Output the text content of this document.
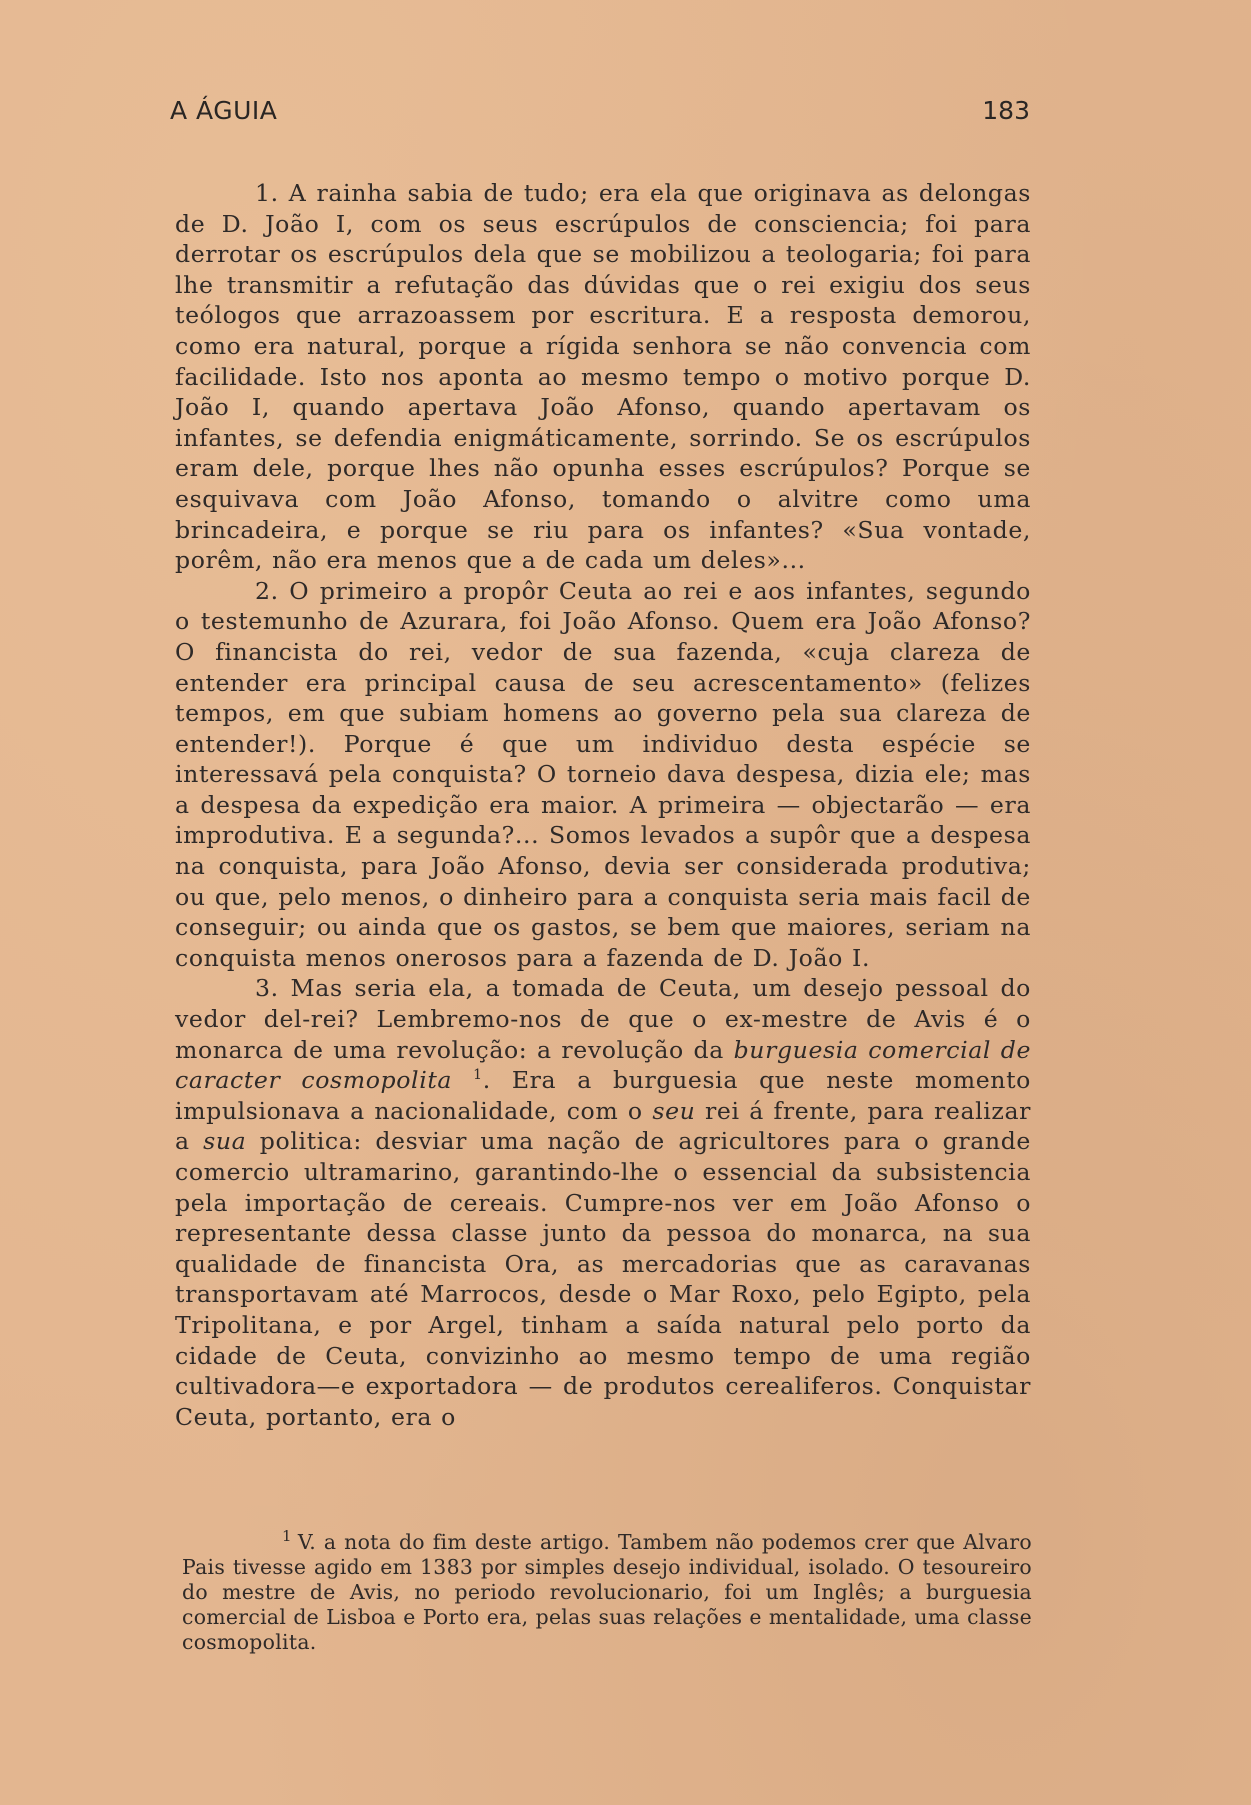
A ÁGUIA	183

1. A rainha sabia de tudo; era ela que originava as delongas de D. João I, com os seus escrúpulos de consciencia; foi para derrotar os escrúpulos dela que se mobilizou a teologaria; foi para lhe transmitir a refutação das dúvidas que o rei exigiu dos seus teólogos que arrazoassem por escritura. E a resposta demorou, como era natural, porque a rígida senhora se não convencia com facilidade. Isto nos aponta ao mesmo tempo o motivo porque D. João I, quando apertava João Afonso, quando apertavam os infantes, se defendia enigmáticamente, sorrindo. Se os escrúpulos eram dele, porque lhes não opunha esses escrúpulos? Porque se esquivava com João Afonso, tomando o alvitre como uma brincadeira, e porque se riu para os infantes? «Sua vontade, porêm, não era menos que a de cada um deles»...

2. O primeiro a propôr Ceuta ao rei e aos infantes, segundo o testemunho de Azurara, foi João Afonso. Quem era João Afonso? O financista do rei, vedor de sua fazenda, «cuja clareza de entender era principal causa de seu acrescentamento» (felizes tempos, em que subiam homens ao governo pela sua clareza de entender!). Porque é que um individuo desta espécie se interessavá pela conquista? O torneio dava despesa, dizia ele; mas a despesa da expedição era maior. A primeira — objectarão — era improdutiva. E a segunda?... Somos levados a supôr que a despesa na conquista, para João Afonso, devia ser considerada produtiva; ou que, pelo menos, o dinheiro para a conquista seria mais facil de conseguir; ou ainda que os gastos, se bem que maiores, seriam na conquista menos onerosos para a fazenda de D. João I.

3. Mas seria ela, a tomada de Ceuta, um desejo pessoal do vedor del-rei? Lembremo-nos de que o ex-mestre de Avis é o monarca de uma revolução: a revolução da burguesia comercial de caracter cosmopolita $^1$. Era a burguesia que neste momento impulsionava a nacionalidade, com o seu rei á frente, para realizar a sua politica: desviar uma nação de agricultores para o grande comercio ultramarino, garantindo-lhe o essencial da subsistencia pela importação de cereais. Cumpre-nos ver em João Afonso o representante dessa classe junto da pessoa do monarca, na sua qualidade de financista Ora, as mercadorias que as caravanas transportavam até Marrocos, desde o Mar Roxo, pelo Egipto, pela Tripolitana, e por Argel, tinham a saída natural pelo porto da cidade de Ceuta, convizinho ao mesmo tempo de uma região cultivadora—e exportadora — de produtos cerealiferos. Conquistar Ceuta, portanto, era o

$^1$ V. a nota do fim deste artigo. Tambem não podemos crer que Alvaro Pais tivesse agido em 1383 por simples desejo individual, isolado. O tesoureiro do mestre de Avis, no periodo revolucionario, foi um Inglês; a burguesia comercial de Lisboa e Porto era, pelas suas relações e mentalidade, uma classe cosmopolita.
